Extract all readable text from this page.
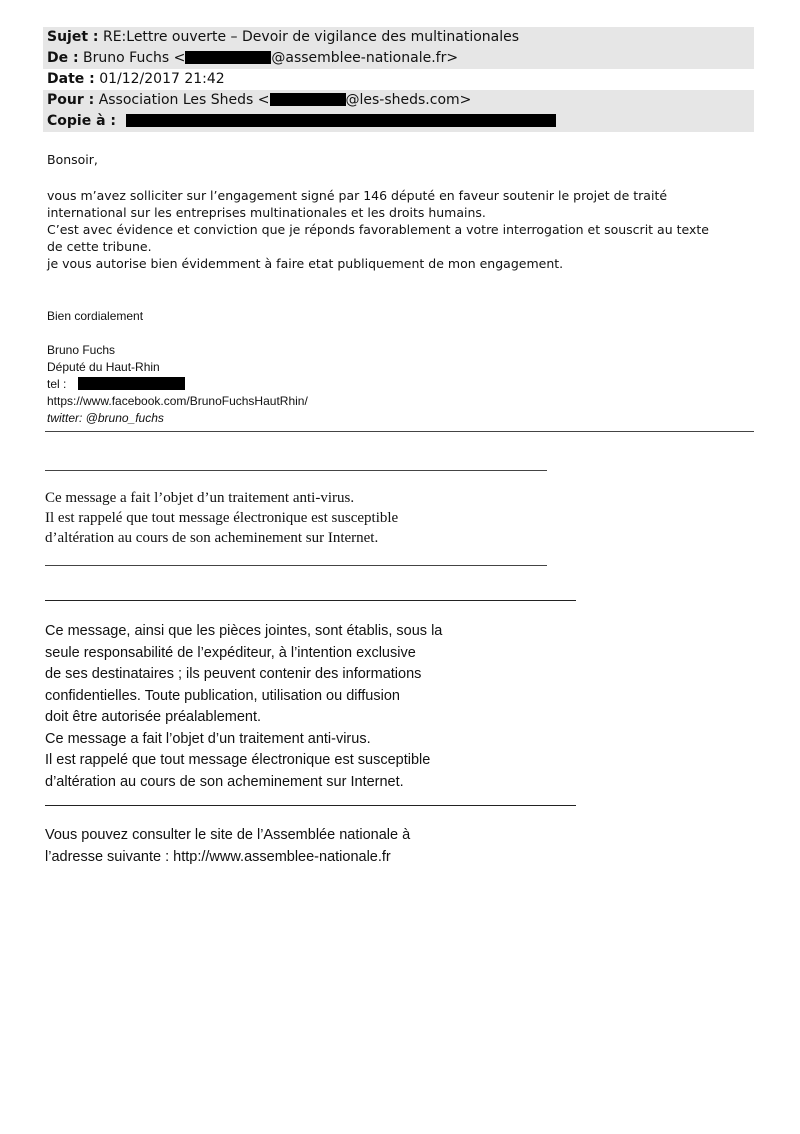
Sujet : RE:Lettre ouverte – Devoir de vigilance des multinationales
De : Bruno Fuchs <	@assemblee-nationale.fr>
Date : 01/12/2017 21:42
Pour : Association Les Sheds <	@les-sheds.com>
Copie à :
Bonsoir,
vous m’avez solliciter sur l’engagement signé par 146 député en faveur soutenir le projet de traité
international sur les entreprises multinationales et les droits humains.
C’est avec évidence et conviction que je réponds favorablement a votre interrogation et souscrit au texte
de cette tribune.
je vous autorise bien évidemment à faire etat publiquement de mon engagement.
Bien cordialement
Bruno Fuchs
Député du Haut-Rhin
tel :
https://www.facebook.com/BrunoFuchsHautRhin/
twitter: @bruno_fuchs
Ce message a fait l’objet d’un traitement anti-virus.
Il est rappelé que tout message électronique est susceptible
d’altération au cours de son acheminement sur Internet.
Ce message, ainsi que les pièces jointes, sont établis, sous la
seule responsabilité de l’expéditeur, à l’intention exclusive
de ses destinataires ; ils peuvent contenir des informations
confidentielles. Toute publication, utilisation ou diffusion
doit être autorisée préalablement.
Ce message a fait l’objet d’un traitement anti-virus.
Il est rappelé que tout message électronique est susceptible
d’altération au cours de son acheminement sur Internet.
Vous pouvez consulter le site de l’Assemblée nationale à
l’adresse suivante : http://www.assemblee-nationale.fr
